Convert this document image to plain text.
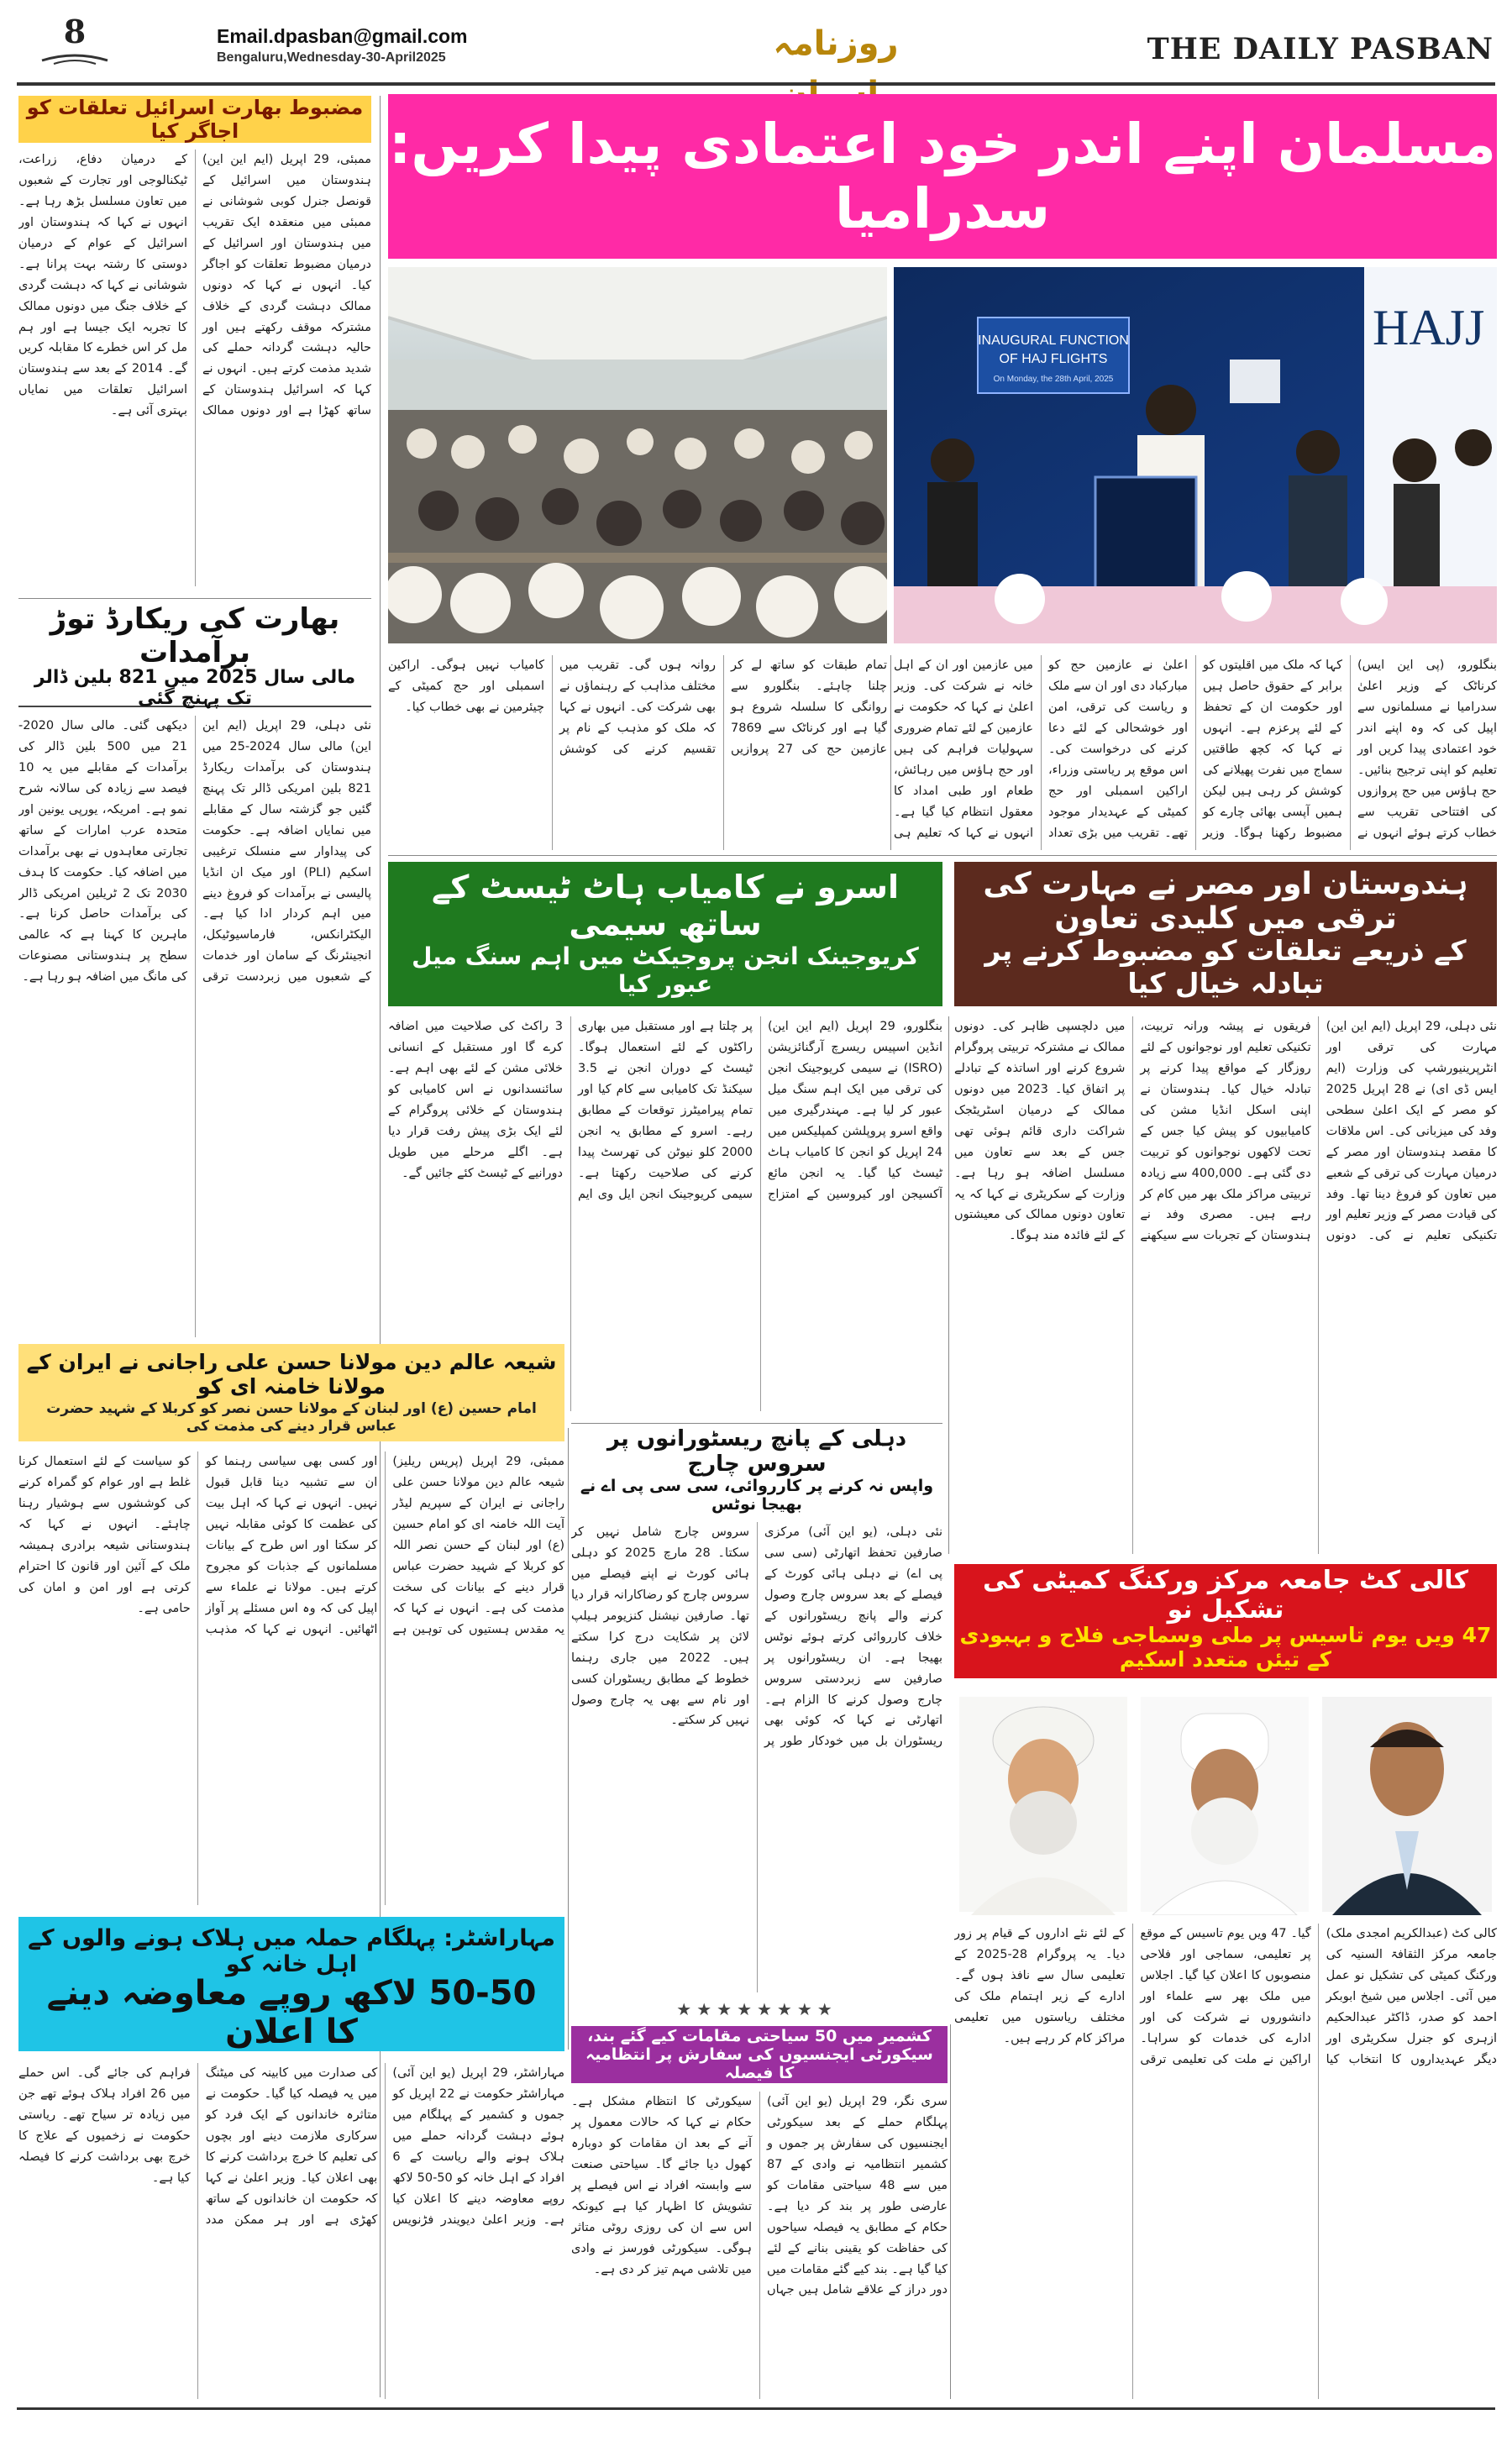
8	Email.dpasban@gmail.com
Bengaluru,Wednesday-30-April2025	روزنامہ	THE DAILY PASBAN
مضبوط بھارت اسرائیل تعلقات کو اجاگر کیا
ممبئی، 29 اپریل (ایم این این) ہندوستان میں اسرائیل کے قونصل جنرل کوبی شوشانی نے ممبئی میں منعقدہ ایک تقریب میں ہندوستان اور اسرائیل کے درمیان مضبوط تعلقات کو اجاگر کیا۔ انہوں نے کہا کہ دونوں ممالک دہشت گردی کے خلاف مشترکہ موقف رکھتے ہیں اور حالیہ دہشت گردانہ حملے کی شدید مذمت کرتے ہیں۔ انہوں نے کہا کہ اسرائیل ہندوستان کے ساتھ کھڑا ہے اور دونوں ممالک کے درمیان دفاع، زراعت، ٹیکنالوجی اور تجارت کے شعبوں میں تعاون مسلسل بڑھ رہا ہے۔ انہوں نے کہا کہ ہندوستان اور اسرائیل کے عوام کے درمیان دوستی کا رشتہ بہت پرانا ہے۔ شوشانی نے کہا کہ دہشت گردی کے خلاف جنگ میں دونوں ممالک کا تجربہ ایک جیسا ہے اور ہم مل کر اس خطرے کا مقابلہ کریں گے۔ 2014 کے بعد سے ہندوستان اسرائیل تعلقات میں نمایاں بہتری آئی ہے۔
بھارت کی ریکارڈ توڑ برآمدات
مالی سال 2025 میں 821 بلین ڈالر تک پہنچ گئی
نئی دہلی، 29 اپریل (ایم این این) مالی سال 2024-25 میں ہندوستان کی برآمدات ریکارڈ 821 بلین امریکی ڈالر تک پہنچ گئیں جو گزشتہ سال کے مقابلے میں نمایاں اضافہ ہے۔ حکومت کی پیداوار سے منسلک ترغیبی اسکیم (PLI) اور میک ان انڈیا پالیسی نے برآمدات کو فروغ دینے میں اہم کردار ادا کیا ہے۔ الیکٹرانکس، فارماسیوٹیکل، انجینئرنگ کے سامان اور خدمات کے شعبوں میں زبردست ترقی دیکھی گئی۔ مالی سال 2020-21 میں 500 بلین ڈالر کی برآمدات کے مقابلے میں یہ 10 فیصد سے زیادہ کی سالانہ شرح نمو ہے۔ امریکہ، یورپی یونین اور متحدہ عرب امارات کے ساتھ تجارتی معاہدوں نے بھی برآمدات میں اضافہ کیا۔ حکومت کا ہدف 2030 تک 2 ٹریلین امریکی ڈالر کی برآمدات حاصل کرنا ہے۔ ماہرین کا کہنا ہے کہ عالمی سطح پر ہندوستانی مصنوعات کی مانگ میں اضافہ ہو رہا ہے۔
مسلمان اپنے اندر خود اعتمادی پیدا کریں: سدرامیا
INAUGURAL FUNCTION
OF HAJ FLIGHTS
On Monday, the 28th April, 2025
HAJJ
بنگلورو، (پی این ایس) کرناٹک کے وزیر اعلیٰ سدرامیا نے مسلمانوں سے اپیل کی کہ وہ اپنے اندر خود اعتمادی پیدا کریں اور تعلیم کو اپنی ترجیح بنائیں۔ حج ہاؤس میں حج پروازوں کی افتتاحی تقریب سے خطاب کرتے ہوئے انہوں نے کہا کہ ملک میں اقلیتوں کو برابر کے حقوق حاصل ہیں اور حکومت ان کے تحفظ کے لئے پرعزم ہے۔ انہوں نے کہا کہ کچھ طاقتیں سماج میں نفرت پھیلانے کی کوشش کر رہی ہیں لیکن ہمیں آپسی بھائی چارے کو مضبوط رکھنا ہوگا۔ وزیر اعلیٰ نے عازمین حج کو مبارکباد دی اور ان سے ملک و ریاست کی ترقی، امن اور خوشحالی کے لئے دعا کرنے کی درخواست کی۔ اس موقع پر ریاستی وزراء، اراکین اسمبلی اور حج کمیٹی کے عہدیدار موجود تھے۔ تقریب میں بڑی تعداد میں عازمین اور ان کے اہل خانہ نے شرکت کی۔ وزیر اعلیٰ نے کہا کہ حکومت نے عازمین کے لئے تمام ضروری سہولیات فراہم کی ہیں اور حج ہاؤس میں رہائش، طعام اور طبی امداد کا معقول انتظام کیا گیا ہے۔ انہوں نے کہا کہ تعلیم ہی
تمام طبقات کو ساتھ لے کر چلنا چاہئے۔ بنگلورو سے روانگی کا سلسلہ شروع ہو گیا ہے اور کرناٹک سے 7869 عازمین حج کی 27 پروازیں روانہ ہوں گی۔ تقریب میں مختلف مذاہب کے رہنماؤں نے بھی شرکت کی۔ انہوں نے کہا کہ ملک کو مذہب کے نام پر تقسیم کرنے کی کوشش کامیاب نہیں ہوگی۔ اراکین اسمبلی اور حج کمیٹی کے چیئرمین نے بھی خطاب کیا۔
ہندوستان اور مصر نے مہارت کی ترقی میں کلیدی تعاون
کے ذریعے تعلقات کو مضبوط کرنے پر تبادلہ خیال کیا
نئی دہلی، 29 اپریل (ایم این این) مہارت کی ترقی اور انٹرپرینیورشپ کی وزارت (ایم ایس ڈی ای) نے 28 اپریل 2025 کو مصر کے ایک اعلیٰ سطحی وفد کی میزبانی کی۔ اس ملاقات کا مقصد ہندوستان اور مصر کے درمیان مہارت کی ترقی کے شعبے میں تعاون کو فروغ دینا تھا۔ وفد کی قیادت مصر کے وزیر تعلیم اور تکنیکی تعلیم نے کی۔ دونوں فریقوں نے پیشہ ورانہ تربیت، تکنیکی تعلیم اور نوجوانوں کے لئے روزگار کے مواقع پیدا کرنے پر تبادلہ خیال کیا۔ ہندوستان نے اپنی اسکل انڈیا مشن کی کامیابیوں کو پیش کیا جس کے تحت لاکھوں نوجوانوں کو تربیت دی گئی ہے۔ 400,000 سے زیادہ تربیتی مراکز ملک بھر میں کام کر رہے ہیں۔ مصری وفد نے ہندوستان کے تجربات سے سیکھنے میں دلچسپی ظاہر کی۔ دونوں ممالک نے مشترکہ تربیتی پروگرام شروع کرنے اور اساتذہ کے تبادلے پر اتفاق کیا۔ 2023 میں دونوں ممالک کے درمیان اسٹریٹجک شراکت داری قائم ہوئی تھی جس کے بعد سے تعاون میں مسلسل اضافہ ہو رہا ہے۔ وزارت کے سکریٹری نے کہا کہ یہ تعاون دونوں ممالک کی معیشتوں کے لئے فائدہ مند ہوگا۔
اسرو نے کامیاب ہاٹ ٹیسٹ کے ساتھ سیمی
کریوجینک انجن پروجیکٹ میں اہم سنگ میل عبور کیا
بنگلورو، 29 اپریل (ایم این این) انڈین اسپیس ریسرچ آرگنائزیشن (ISRO) نے سیمی کریوجینک انجن کی ترقی میں ایک اہم سنگ میل عبور کر لیا ہے۔ مہندرگیری میں واقع اسرو پروپلشن کمپلیکس میں 24 اپریل کو انجن کا کامیاب ہاٹ ٹیسٹ کیا گیا۔ یہ انجن مائع آکسیجن اور کیروسین کے امتزاج پر چلتا ہے اور مستقبل میں بھاری راکٹوں کے لئے استعمال ہوگا۔ ٹیسٹ کے دوران انجن نے 3.5 سیکنڈ تک کامیابی سے کام کیا اور تمام پیرامیٹرز توقعات کے مطابق رہے۔ اسرو کے مطابق یہ انجن 2000 کلو نیوٹن کی تھرسٹ پیدا کرنے کی صلاحیت رکھتا ہے۔ سیمی کریوجینک انجن ایل وی ایم 3 راکٹ کی صلاحیت میں اضافہ کرے گا اور مستقبل کے انسانی خلائی مشن کے لئے بھی اہم ہے۔ سائنسدانوں نے اس کامیابی کو ہندوستان کے خلائی پروگرام کے لئے ایک بڑی پیش رفت قرار دیا ہے۔ اگلے مرحلے میں طویل دورانیے کے ٹیسٹ کئے جائیں گے۔
دہلی کے پانچ ریسٹورانوں پر سروس چارج
واپس نہ کرنے پر کارروائی، سی سی پی اے نے بھیجا نوٹس
نئی دہلی، (یو این آئی) مرکزی صارفین تحفظ اتھارٹی (سی سی پی اے) نے دہلی ہائی کورٹ کے فیصلے کے بعد سروس چارج وصول کرنے والے پانچ ریسٹورانوں کے خلاف کارروائی کرتے ہوئے نوٹس بھیجا ہے۔ ان ریسٹورانوں پر صارفین سے زبردستی سروس چارج وصول کرنے کا الزام ہے۔ اتھارٹی نے کہا کہ کوئی بھی ریسٹوران بل میں خودکار طور پر سروس چارج شامل نہیں کر سکتا۔ 28 مارچ 2025 کو دہلی ہائی کورٹ نے اپنے فیصلے میں سروس چارج کو رضاکارانہ قرار دیا تھا۔ صارفین نیشنل کنزیومر ہیلپ لائن پر شکایت درج کرا سکتے ہیں۔ 2022 میں جاری رہنما خطوط کے مطابق ریسٹوران کسی اور نام سے بھی یہ چارج وصول نہیں کر سکتے۔
★★★★★★★★
شیعہ عالم دین مولانا حسن علی راجانی نے ایران کے مولانا خامنہ ای کو
امام حسین (ع) اور لبنان کے مولانا حسن نصر کو کربلا کے شہید حضرت عباس قرار دینے کی مذمت کی
ممبئی، 29 اپریل (پریس ریلیز) شیعہ عالم دین مولانا حسن علی راجانی نے ایران کے سپریم لیڈر آیت اللہ خامنہ ای کو امام حسین (ع) اور لبنان کے حسن نصر اللہ کو کربلا کے شہید حضرت عباس قرار دینے کے بیانات کی سخت مذمت کی ہے۔ انہوں نے کہا کہ یہ مقدس ہستیوں کی توہین ہے اور کسی بھی سیاسی رہنما کو ان سے تشبیہ دینا قابل قبول نہیں۔ انہوں نے کہا کہ اہل بیت کی عظمت کا کوئی مقابلہ نہیں کر سکتا اور اس طرح کے بیانات مسلمانوں کے جذبات کو مجروح کرتے ہیں۔ مولانا نے علماء سے اپیل کی کہ وہ اس مسئلے پر آواز اٹھائیں۔ انہوں نے کہا کہ مذہب کو سیاست کے لئے استعمال کرنا غلط ہے اور عوام کو گمراہ کرنے کی کوششوں سے ہوشیار رہنا چاہئے۔ انہوں نے کہا کہ ہندوستانی شیعہ برادری ہمیشہ ملک کے آئین اور قانون کا احترام کرتی ہے اور امن و امان کی حامی ہے۔
مہاراشٹر: پہلگام حملہ میں ہلاک ہونے والوں کے اہل خانہ کو
50-50 لاکھ روپے معاوضہ دینے کا اعلان
مہاراشٹر، 29 اپریل (یو این آئی) مہاراشٹر حکومت نے 22 اپریل کو جموں و کشمیر کے پہلگام میں ہوئے دہشت گردانہ حملے میں ہلاک ہونے والے ریاست کے 6 افراد کے اہل خانہ کو 50-50 لاکھ روپے معاوضہ دینے کا اعلان کیا ہے۔ وزیر اعلیٰ دیویندر فڑنویس کی صدارت میں کابینہ کی میٹنگ میں یہ فیصلہ کیا گیا۔ حکومت نے متاثرہ خاندانوں کے ایک فرد کو سرکاری ملازمت دینے اور بچوں کی تعلیم کا خرچ برداشت کرنے کا بھی اعلان کیا۔ وزیر اعلیٰ نے کہا کہ حکومت ان خاندانوں کے ساتھ کھڑی ہے اور ہر ممکن مدد فراہم کی جائے گی۔ اس حملے میں 26 افراد ہلاک ہوئے تھے جن میں زیادہ تر سیاح تھے۔ ریاستی حکومت نے زخمیوں کے علاج کا خرچ بھی برداشت کرنے کا فیصلہ کیا ہے۔
کالی کٹ جامعہ مرکز ورکنگ کمیٹی کی تشکیل نو
47 ویں یوم تاسیس پر ملی وسماجی فلاح و بہبودی کے تیئں متعدد اسکیم
کالی کٹ (عبدالکریم امجدی ملک) جامعہ مرکز الثقافۃ السنیہ کی ورکنگ کمیٹی کی تشکیل نو عمل میں آئی۔ اجلاس میں شیخ ابوبکر احمد کو صدر، ڈاکٹر عبدالحکیم ازہری کو جنرل سکریٹری اور دیگر عہدیداروں کا انتخاب کیا گیا۔ 47 ویں یوم تاسیس کے موقع پر تعلیمی، سماجی اور فلاحی منصوبوں کا اعلان کیا گیا۔ اجلاس میں ملک بھر سے علماء اور دانشوروں نے شرکت کی اور ادارے کی خدمات کو سراہا۔ اراکین نے ملت کی تعلیمی ترقی کے لئے نئے اداروں کے قیام پر زور دیا۔ یہ پروگرام 28-2025 کے تعلیمی سال سے نافذ ہوں گے۔ ادارے کے زیر اہتمام ملک کی مختلف ریاستوں میں تعلیمی مراکز کام کر رہے ہیں۔
کشمیر میں 50 سیاحتی مقامات کیے گئے بند، سیکورٹی ایجنسیوں کی سفارش پر انتظامیہ کا فیصلہ
سری نگر، 29 اپریل (یو این آئی) پہلگام حملے کے بعد سیکورٹی ایجنسیوں کی سفارش پر جموں و کشمیر انتظامیہ نے وادی کے 87 میں سے 48 سیاحتی مقامات کو عارضی طور پر بند کر دیا ہے۔ حکام کے مطابق یہ فیصلہ سیاحوں کی حفاظت کو یقینی بنانے کے لئے کیا گیا ہے۔ بند کیے گئے مقامات میں دور دراز کے علاقے شامل ہیں جہاں سیکورٹی کا انتظام مشکل ہے۔ حکام نے کہا کہ حالات معمول پر آنے کے بعد ان مقامات کو دوبارہ کھول دیا جائے گا۔ سیاحتی صنعت سے وابستہ افراد نے اس فیصلے پر تشویش کا اظہار کیا ہے کیونکہ اس سے ان کی روزی روٹی متاثر ہوگی۔ سیکورٹی فورسز نے وادی میں تلاشی مہم تیز کر دی ہے۔
